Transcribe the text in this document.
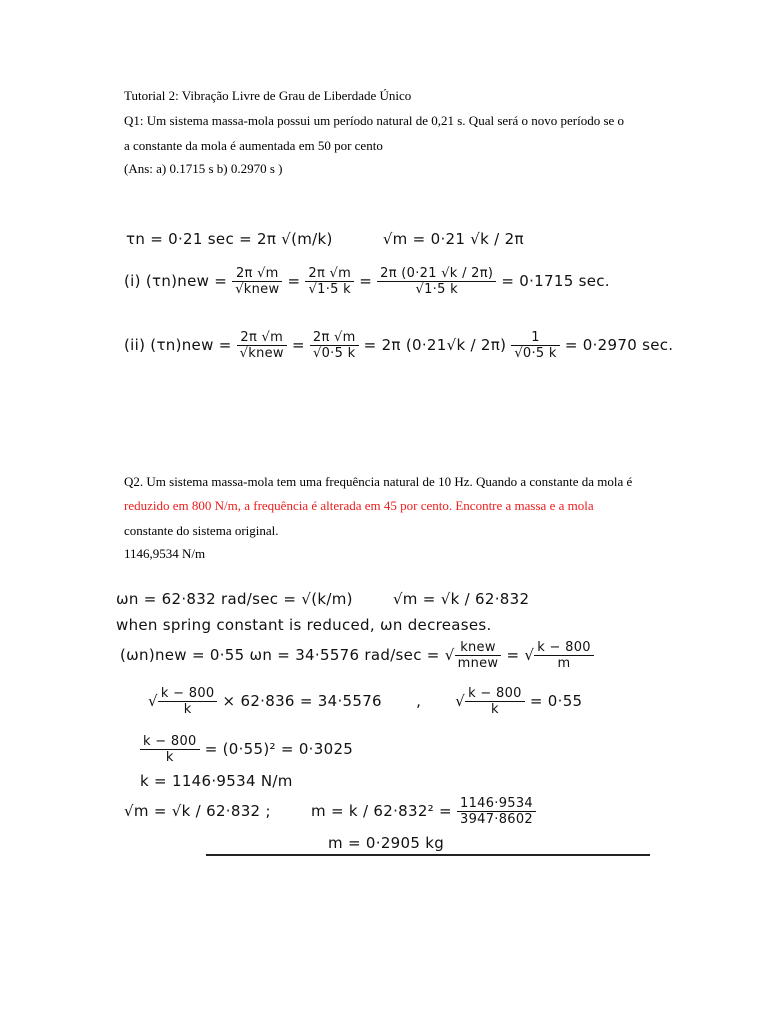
Tutorial 2: Vibração Livre de Grau de Liberdade Único
Q1: Um sistema massa-mola possui um período natural de 0,21 s. Qual será o novo período se o
a constante da mola é aumentada em 50 por cento
(Ans: a) 0.1715 s b) 0.2970 s )
τn = 0·21 sec = 2π √(m/k)	√m = 0·21 √k / 2π
(i) $(\tau n)new = \frac{2\pi √m}{\text{√knew}} = \frac{2\pi √m}{√1\cdot 5 k} = \frac{2\pi (0\cdot 21 √k / 2\pi)}{√1\cdot 5 k} = 0\cdot 1715$ sec.
(ii) $(\tau n)new = \frac{2\pi √m}{\text{√knew}} = \frac{2\pi √m}{√0\cdot 5 k} = 2\pi$ $(0\cdot 21√k / 2\pi) \frac{1}{√0\cdot 5 k} = 0\cdot 2970$ sec.
Q2. Um sistema massa-mola tem uma frequência natural de 10 Hz. Quando a constante da mola é
reduzido em 800 N/m, a frequência é alterada em 45 por cento. Encontre a massa e a mola
constante do sistema original.
1146,9534 N/m
ωn = 62·832 rad/sec = √(k/m)	√m = √k / 62·832
when spring constant is reduced, ωn decreases.
(ωn)new = 0·55 ωn = 34·5576 rad/sec = √ $\frac{\text{knew}}{\text{mnew}}$ = √ $\frac{k - 800}{m}$
√ $\frac{k - 800}{k} \times 62\cdot 836 = 34\cdot 5576$ , √ $\frac{k - 800}{k} = 0\cdot 55$
$\frac{k - 800}{k} = (0\cdot 55)^2 = 0\cdot 3025$
k = 1146·9534 N/m
√m = √k / 62·832 ;	$m = k / 62\cdot 832^2 = \frac{1146\cdot 9534}{3947\cdot 8602}$
m = 0·2905 kg
